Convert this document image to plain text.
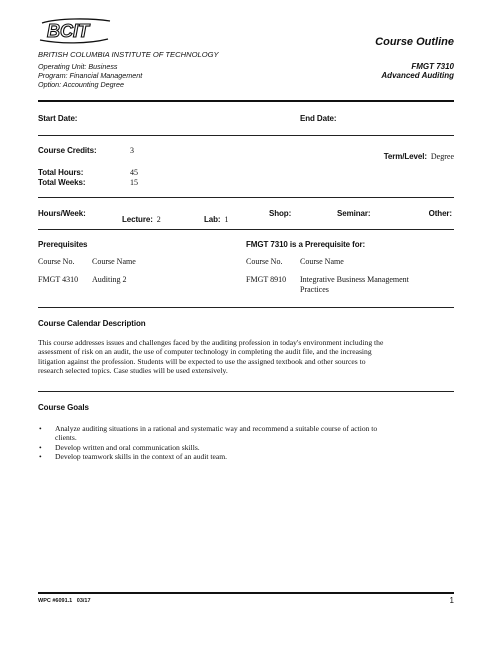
BCIT
BRITISH COLUMBIA INSTITUTE OF TECHNOLOGY
Operating Unit: Business
Program: Financial Management
Option: Accounting Degree
Course Outline
FMGT 7310
Advanced Auditing
Start Date:	End Date:
Course Credits:	3
Term/Level: Degree
Total Hours:	45
Total Weeks:	15
Hours/Week:
Lecture: 2	Lab: 1
Shop:	Seminar:	Other:
Prerequisites
Course No. Course Name
FMGT 4310 Auditing 2
FMGT 7310 is a Prerequisite for:
Course No. Course Name
FMGT 8910 Integrative Business Management
Practices
Course Calendar Description
This course addresses issues and challenges faced by the auditing profession in today's environment including the
assessment of risk on an audit, the use of computer technology in completing the audit file, and the increasing
litigation against the profession. Students will be expected to use the assigned textbook and other sources to
research selected topics. Case studies will be used extensively.
Course Goals
• Analyze auditing situations in a rational and systematic way and recommend a suitable course of action to
clients.
• Develop written and oral communication skills.
• Develop teamwork skills in the context of an audit team.
WPC #6091.1 03/17	1
